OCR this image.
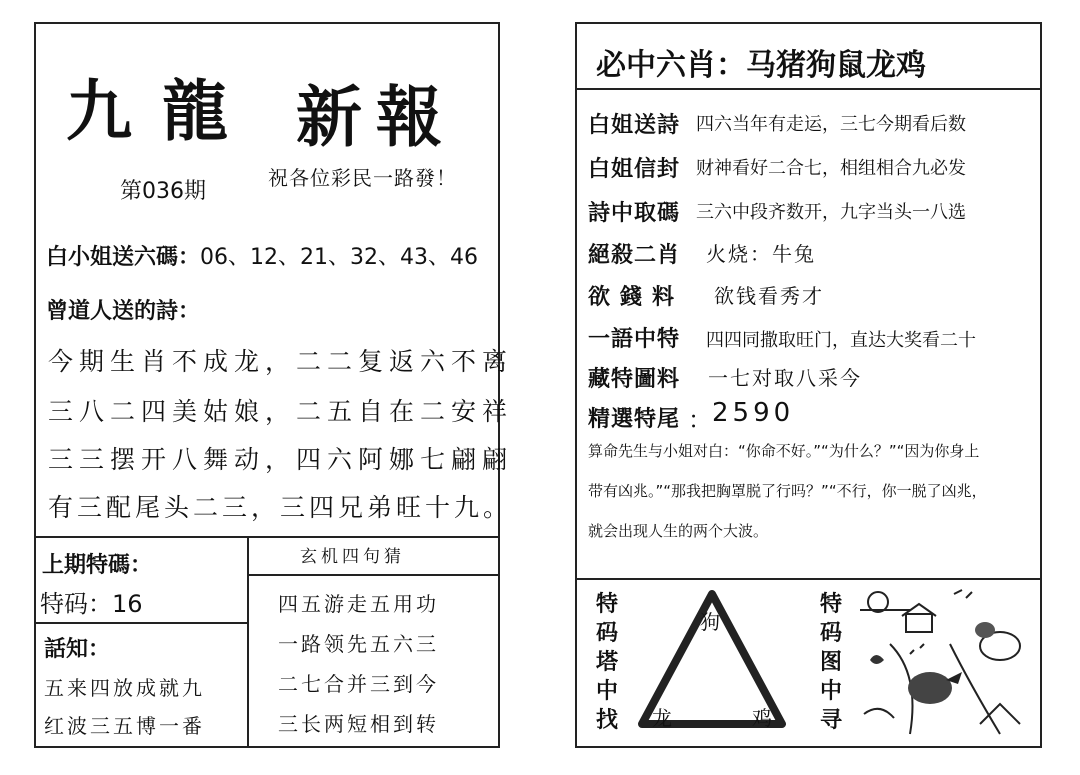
九 龍 新 報
第036期
祝各位彩民一路發！
白小姐送六碼：06、12、21、32、43、46
曾道人送的詩：
今期生肖不成龙，二二复返六不离
三八二四美姑娘，二五自在二安祥
三三摆开八舞动，四六阿娜七翩翩
有三配尾头二三，三四兄弟旺十九。
上期特碼：
特码：16
話知：
五来四放成就九
红波三五博一番
玄机四句猜
四五游走五用功
一路领先五六三
二七合并三到今
三长两短相到转
必中六肖：马猪狗鼠龙鸡
白姐送詩 四六当年有走运，三七今期看后数
白姐信封 财神看好二合七，相组相合九必发
詩中取碼 三六中段齐数开，九字当头一八选
絕殺二肖 火烧：牛兔
欲錢料 欲钱看秀才
一語中特 四四同撒取旺门，直达大奖看二十
藏特圖料 一七对取八采今
精選特尾 ： 2590
算命先生与小姐对白：“你命不好。”“为什么？”“因为你身上
带有凶兆。”“那我把胸罩脱了行吗？”“不行，你一脱了凶兆，
就会出现人生的两个大波。
特
码
塔
中
找
狗
龙	鸡
特
码
图
中
寻
